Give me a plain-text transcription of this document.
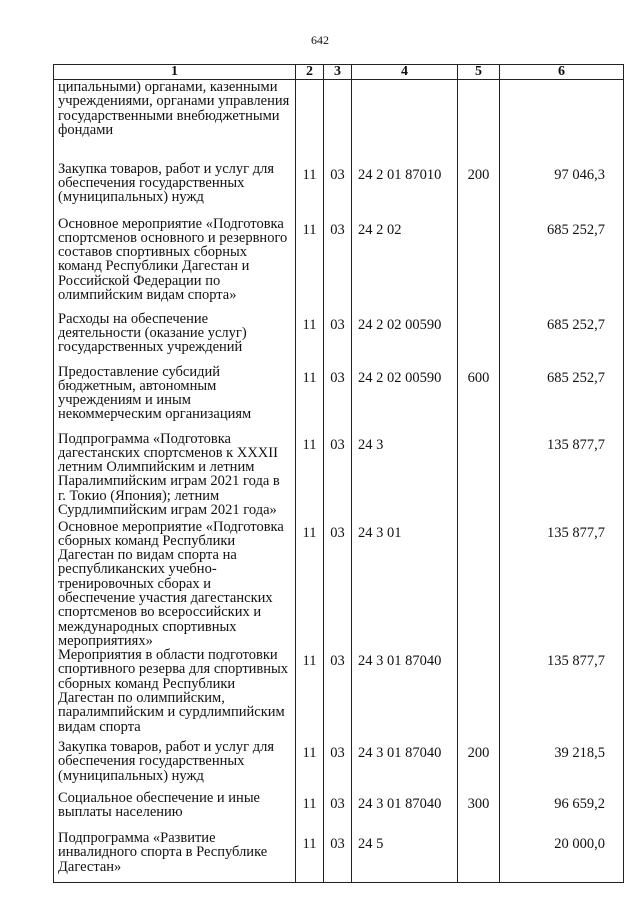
642
1	2	3	4	5	6
ципальными) органами, казенными учреждениями, органами управления государственными внебюджетными фондами					
Закупка товаров, работ и услуг для обеспечения государственных (муниципальных) нужд	11	03	24 2 01 87010	200	97 046,3
Основное мероприятие «Подготовка спортсменов основного и резервного составов спортивных сборных команд Республики Дагестан и Российской Федерации по олимпийским видам спорта»	11	03	24 2 02		685 252,7
Расходы на обеспечение деятельности (оказание услуг) государственных учреждений	11	03	24 2 02 00590		685 252,7
Предоставление субсидий бюджетным, автономным учреждениям и иным некоммерческим организациям	11	03	24 2 02 00590	600	685 252,7
Подпрограмма «Подготовка дагестанских спортсменов к XXXII летним Олимпийским и летним Паралимпийским играм 2021 года в г. Токио (Япония); летним Сурдлимпийским играм 2021 года»	11	03	24 3		135 877,7
Основное мероприятие «Подготовка сборных команд Республики Дагестан по видам спорта на республиканских учебно-тренировочных сборах и обеспечение участия дагестанских спортсменов во всероссийских и международных спортивных мероприятиях»	11	03	24 3 01		135 877,7
Мероприятия в области подготовки спортивного резерва для спортивных сборных команд Республики Дагестан по олимпийским, паралимпийским и сурдлимпийским видам спорта	11	03	24 3 01 87040		135 877,7
Закупка товаров, работ и услуг для обеспечения государственных (муниципальных) нужд	11	03	24 3 01 87040	200	39 218,5
Социальное обеспечение и иные выплаты населению	11	03	24 3 01 87040	300	96 659,2
Подпрограмма «Развитие инвалидного спорта в Республике Дагестан»	11	03	24 5		20 000,0
